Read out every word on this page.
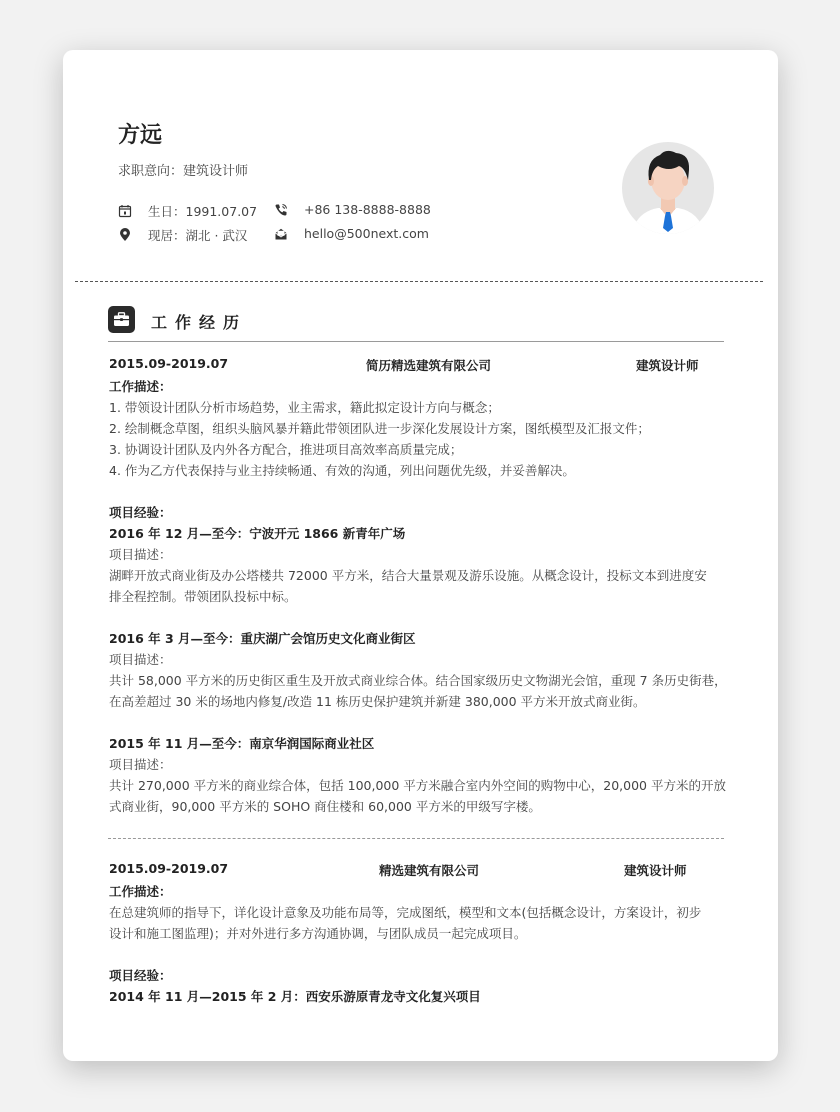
方远
求职意向：建筑设计师
生日：1991.07.07	+86 138-8888-8888
现居：湖北 · 武汉	hello@500next.com
工作经历
2015.09-2019.07	简历精选建筑有限公司	建筑设计师
工作描述：
1. 带领设计团队分析市场趋势，业主需求，籍此拟定设计方向与概念；
2. 绘制概念草图，组织头脑风暴并籍此带领团队进一步深化发展设计方案，图纸模型及汇报文件；
3. 协调设计团队及内外各方配合，推进项目高效率高质量完成；
4. 作为乙方代表保持与业主持续畅通、有效的沟通，列出问题优先级，并妥善解决。
项目经验：
2016 年 12 月—至今：宁波开元 1866 新青年广场
项目描述：
湖畔开放式商业街及办公塔楼共 72000 平方米，结合大量景观及游乐设施。从概念设计，投标文本到进度安
排全程控制。带领团队投标中标。
2016 年 3 月—至今：重庆湖广会馆历史文化商业街区
项目描述：
共计 58,000 平方米的历史街区重生及开放式商业综合体。结合国家级历史文物湖光会馆，重现 7 条历史街巷，
在高差超过 30 米的场地内修复/改造 11 栋历史保护建筑并新建 380,000 平方米开放式商业街。
2015 年 11 月—至今：南京华润国际商业社区
项目描述：
共计 270,000 平方米的商业综合体，包括 100,000 平方米融合室内外空间的购物中心，20,000 平方米的开放
式商业街，90,000 平方米的 SOHO 商住楼和 60,000 平方米的甲级写字楼。
2015.09-2019.07	精选建筑有限公司	建筑设计师
工作描述：
在总建筑师的指导下，详化设计意象及功能布局等，完成图纸，模型和文本(包括概念设计，方案设计，初步
设计和施工图监理)；并对外进行多方沟通协调，与团队成员一起完成项目。
项目经验：
2014 年 11 月—2015 年 2 月：西安乐游原青龙寺文化复兴项目
